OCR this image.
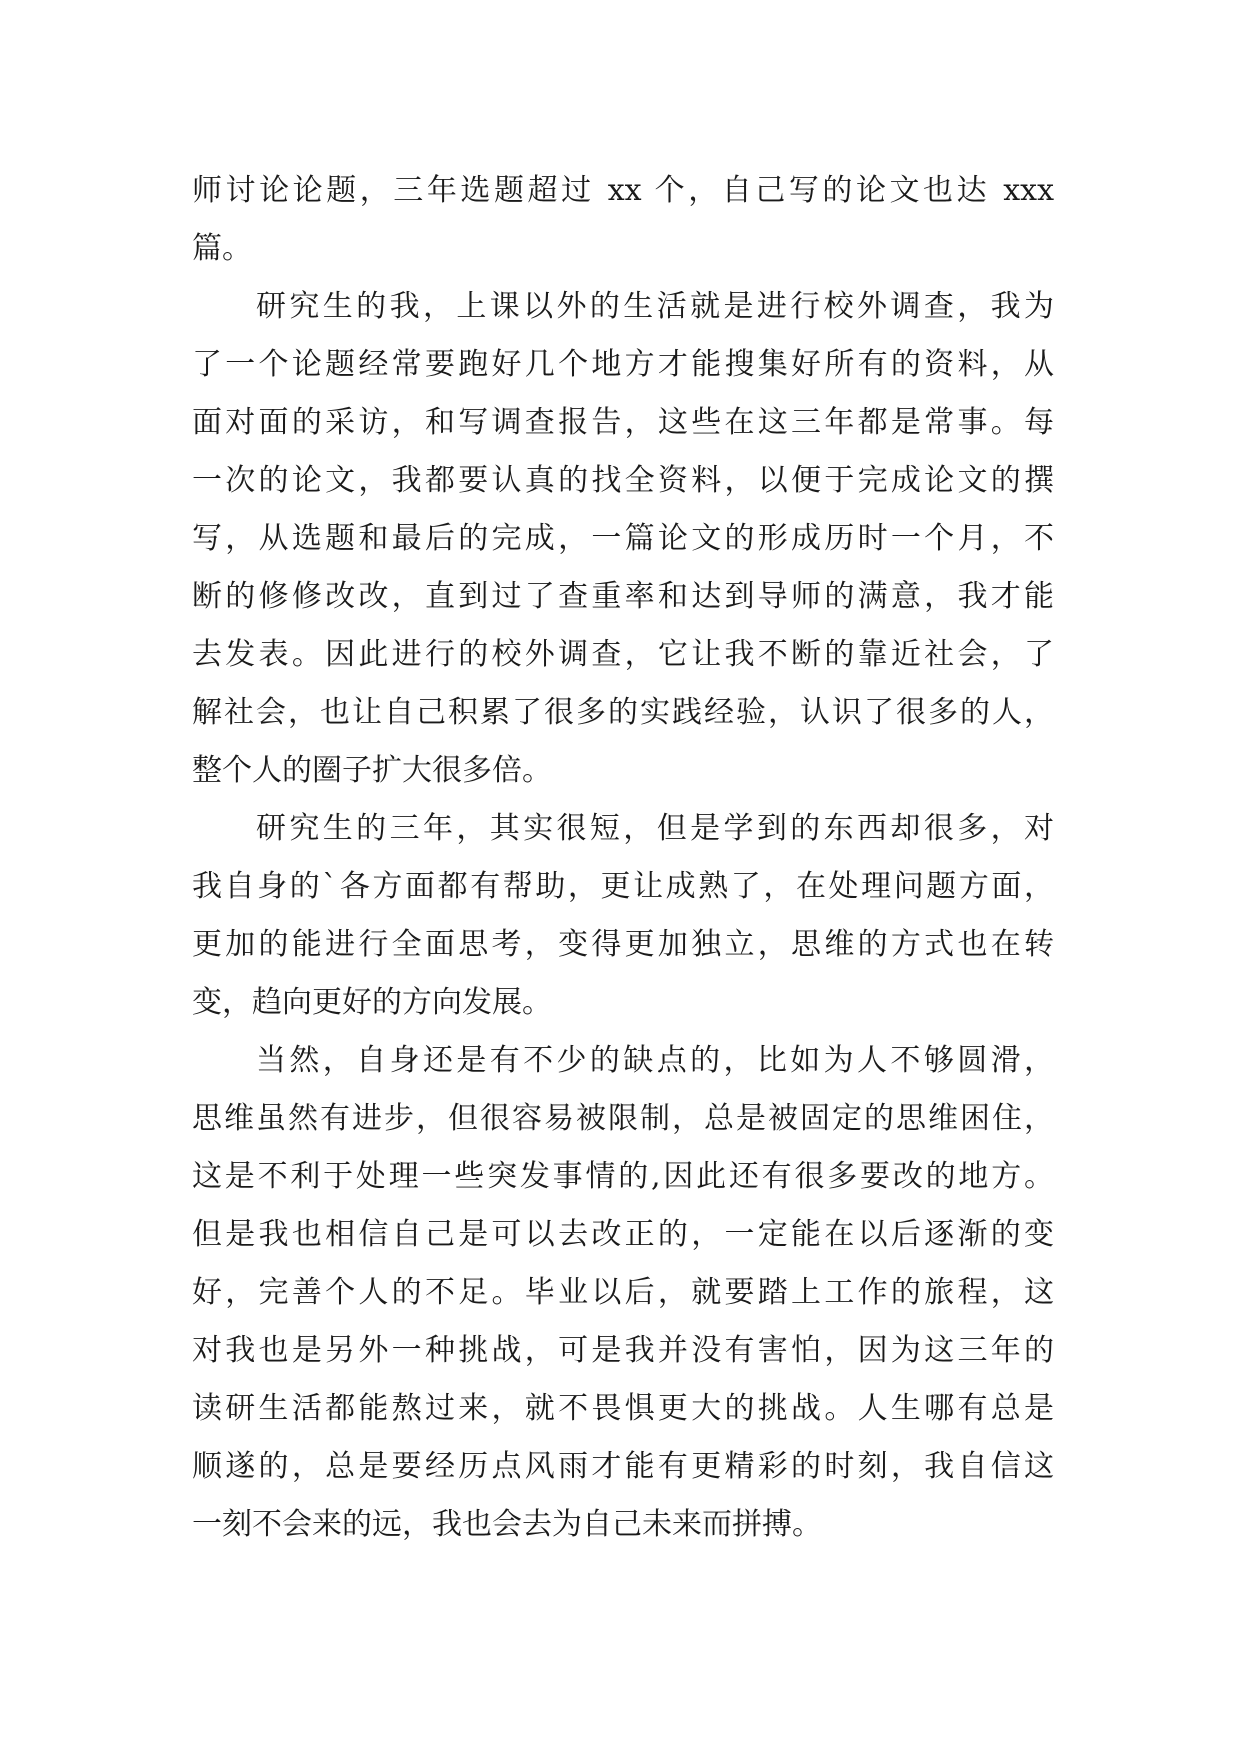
师讨论论题，三年选题超过 xx 个，自己写的论文也达 xxx
篇。
研究生的我，上课以外的生活就是进行校外调查，我为
了一个论题经常要跑好几个地方才能搜集好所有的资料，从
面对面的采访，和写调查报告，这些在这三年都是常事。每
一次的论文，我都要认真的找全资料，以便于完成论文的撰
写，从选题和最后的完成，一篇论文的形成历时一个月，不
断的修修改改，直到过了查重率和达到导师的满意，我才能
去发表。因此进行的校外调查，它让我不断的靠近社会，了
解社会，也让自己积累了很多的实践经验，认识了很多的人，
整个人的圈子扩大很多倍。
研究生的三年，其实很短，但是学到的东西却很多，对
我自身的`各方面都有帮助，更让成熟了，在处理问题方面，
更加的能进行全面思考，变得更加独立，思维的方式也在转
变，趋向更好的方向发展。
当然，自身还是有不少的缺点的，比如为人不够圆滑，
思维虽然有进步，但很容易被限制，总是被固定的思维困住，
这是不利于处理一些突发事情的,因此还有很多要改的地方。
但是我也相信自己是可以去改正的，一定能在以后逐渐的变
好，完善个人的不足。毕业以后，就要踏上工作的旅程，这
对我也是另外一种挑战，可是我并没有害怕，因为这三年的
读研生活都能熬过来，就不畏惧更大的挑战。人生哪有总是
顺遂的，总是要经历点风雨才能有更精彩的时刻，我自信这
一刻不会来的远，我也会去为自己未来而拼搏。
